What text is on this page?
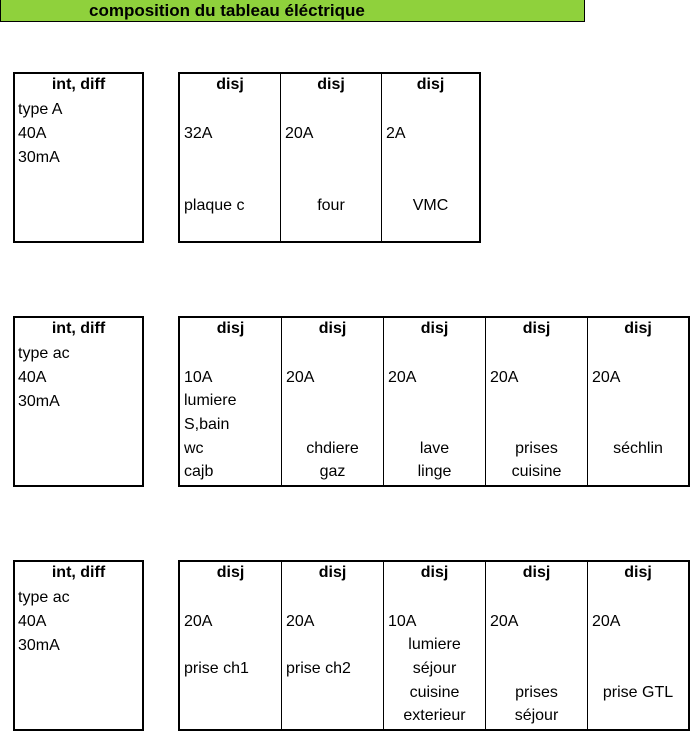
composition du tableau éléctrique
int, diff
type A
40A
30mA
disj
32A
plaque c
disj
20A
four
disj
2A
VMC
int, diff
type ac
40A
30mA
disj
10A
lumiere
S,bain
wc
cajb
disj
20A
chdiere
gaz
disj
20A
lave
linge
disj
20A
prises
cuisine
disj
20A
séchlin
int, diff
type ac
40A
30mA
disj
20A
prise ch1
disj
20A
prise ch2
disj
10A
lumiere
séjour
cuisine
exterieur
disj
20A
prises
séjour
disj
20A
prise GTL
